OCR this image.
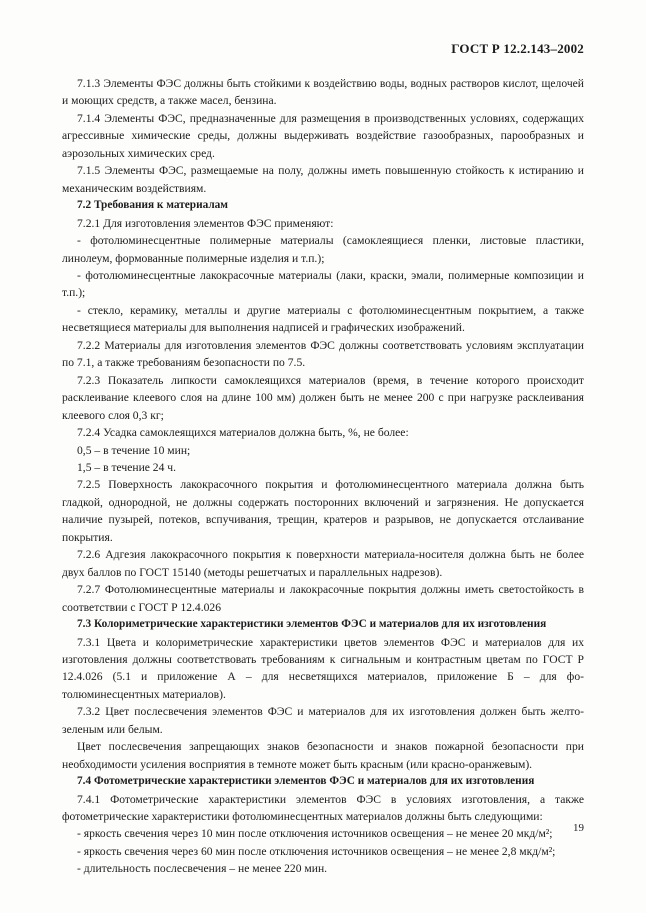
ГОСТ Р 12.2.143–2002

7.1.3 Элементы ФЭС должны быть стойкими к воздействию воды, водных растворов кислот, щелочей и моющих средств, а также масел, бензина.

7.1.4 Элементы ФЭС, предназначенные для размещения в производственных условиях, содержащих агрессивные химические среды, должны выдерживать воздействие газообразных, парообразных и аэрозольных химических сред.

7.1.5 Элементы ФЭС, размещаемые на полу, должны иметь повышенную стойкость к истиранию и механическим воздействиям.

7.2 Требования к материалам

7.2.1 Для изготовления элементов ФЭС применяют:

- фотолюминесцентные полимерные материалы (самоклеящиеся пленки, листовые пластики, линолеум, формованные полимерные изделия и т.п.);

- фотолюминесцентные лакокрасочные материалы (лаки, краски, эмали, полимерные композиции и т.п.);

- стекло, керамику, металлы и другие материалы с фотолюминесцентным покрытием, а также несветящиеся материалы для выполнения надписей и графических изображений.

7.2.2 Материалы для изготовления элементов ФЭС должны соответствовать условиям эксплуатации по 7.1, а также требованиям безопасности по 7.5.

7.2.3 Показатель липкости самоклеящихся материалов (время, в течение которого происходит расклеивание клеевого слоя на длине 100 мм) должен быть не менее 200 с при нагрузке расклеивания клеевого слоя 0,3 кг;

7.2.4 Усадка самоклеящихся материалов должна быть, %, не более:

0,5 – в течение 10 мин;

1,5 – в течение 24 ч.

7.2.5 Поверхность лакокрасочного покрытия и фотолюминесцентного материала должна быть гладкой, однородной, не должны содержать посторонних включений и загрязнения. Не допускается наличие пузырей, потеков, вспучивания, трещин, кратеров и разрывов, не допускается отслаивание покрытия.

7.2.6 Адгезия лакокрасочного покрытия к поверхности материала-носителя должна быть не более двух баллов по ГОСТ 15140 (методы решетчатых и параллельных надрезов).

7.2.7 Фотолюминесцентные материалы и лакокрасочные покрытия должны иметь светостойкость в соответствии с ГОСТ Р 12.4.026

7.3 Колориметрические характеристики элементов ФЭС и материалов для их изготовления

7.3.1 Цвета и колориметрические характеристики цветов элементов ФЭС и материалов для их изготовления должны соответствовать требованиям к сигнальным и контрастным цветам по ГОСТ Р 12.4.026 (5.1 и приложение А – для несветящихся материалов, приложение Б – для фотолюминесцентных материалов).

7.3.2 Цвет послесвечения элементов ФЭС и материалов для их изготовления должен быть желто-зеленым или белым.

Цвет послесвечения запрещающих знаков безопасности и знаков пожарной безопасности при необходимости усиления восприятия в темноте может быть красным (или красно-оранжевым).

7.4 Фотометрические характеристики элементов ФЭС и материалов для их изготовления

7.4.1 Фотометрические характеристики элементов ФЭС в условиях изготовления, а также фотометрические характеристики фотолюминесцентных материалов должны быть следующими:

- яркость свечения через 10 мин после отключения источников освещения – не менее 20 мкд/м²;

- яркость свечения через 60 мин после отключения источников освещения – не менее 2,8 мкд/м²;

- длительность послесвечения – не менее 220 мин.

19
